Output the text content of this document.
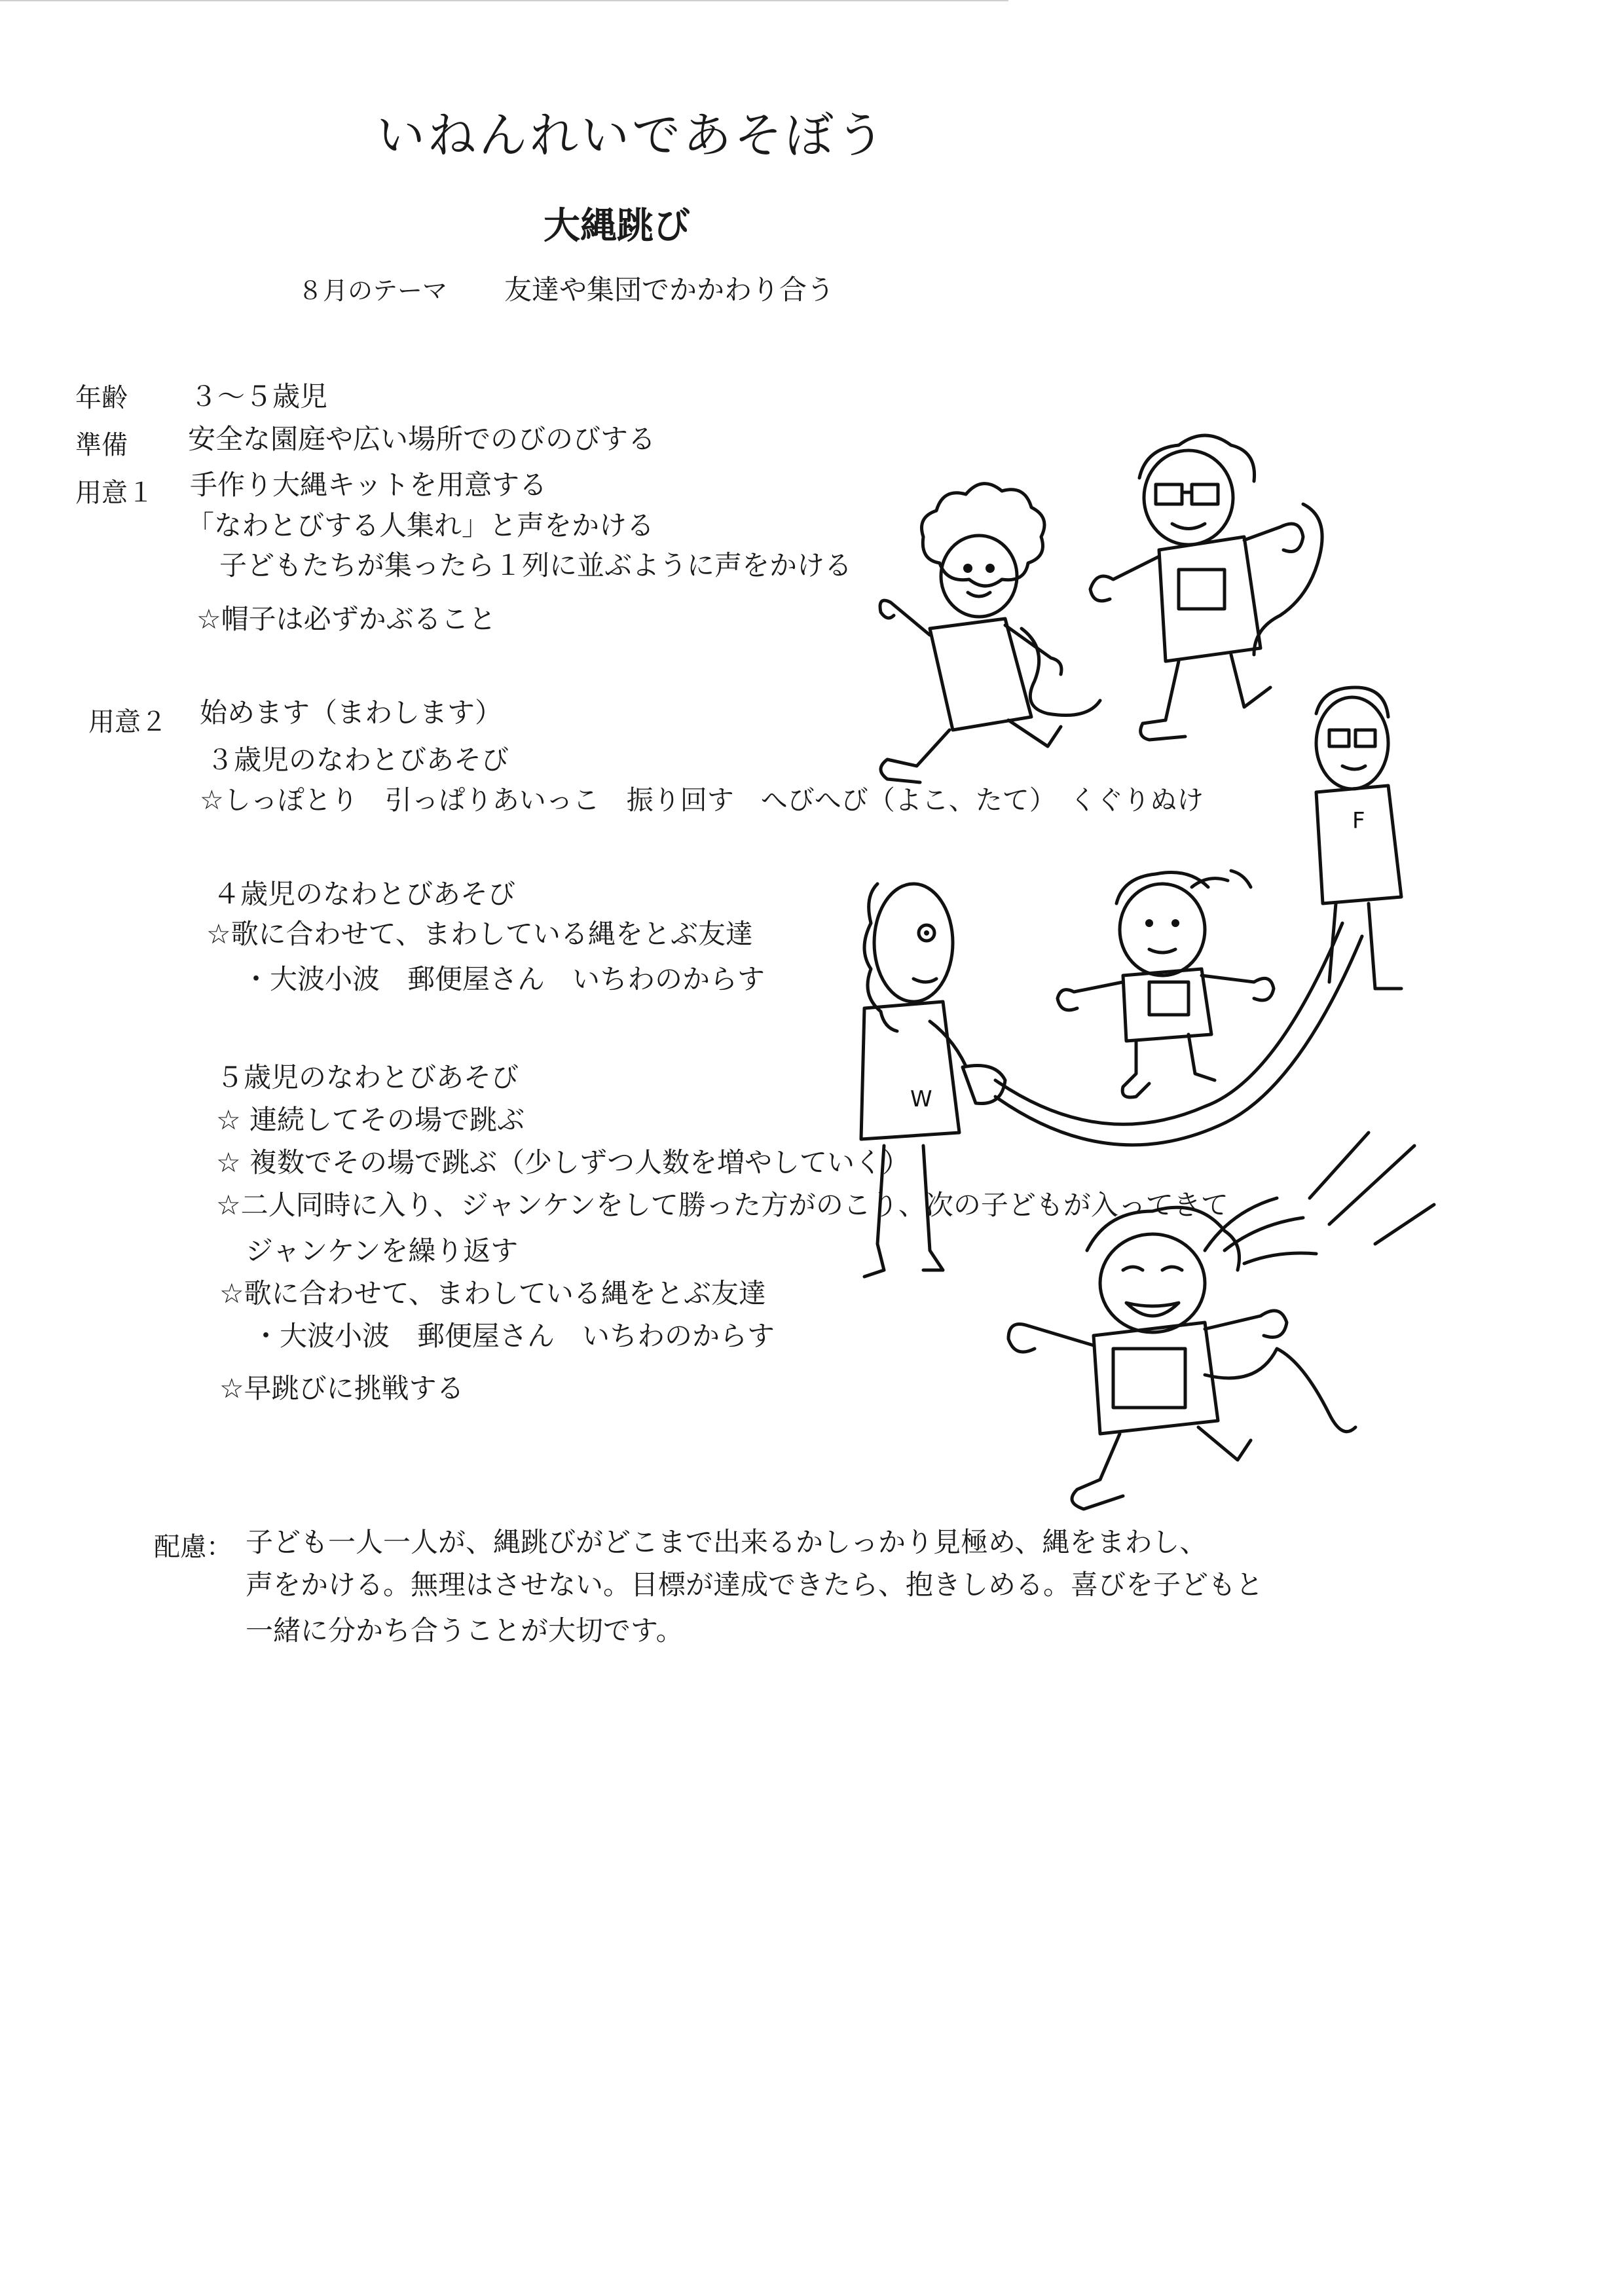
いねんれいであそぼう
大縄跳び
８月のテーマ 友達や集団でかかわり合う
年齢 ３～５歳児
準備 安全な園庭や広い場所でのびのびする
用意１ 手作り大縄キットを用意する
「なわとびする人集れ」と声をかける
子どもたちが集ったら１列に並ぶように声をかける
☆帽子は必ずかぶること
用意２ 始めます（まわします）
３歳児のなわとびあそび
☆しっぽとり　引っぱりあいっこ　振り回す　へびへび（よこ、たて）　くぐりぬけ
４歳児のなわとびあそび
☆歌に合わせて、まわしている縄をとぶ友達
・大波小波　郵便屋さん　いちわのからす
５歳児のなわとびあそび
☆ 連続してその場で跳ぶ
☆ 複数でその場で跳ぶ（少しずつ人数を増やしていく）
☆二人同時に入り、ジャンケンをして勝った方がのこり、次の子どもが入ってきて
ジャンケンを繰り返す
☆歌に合わせて、まわしている縄をとぶ友達
・大波小波　郵便屋さん　いちわのからす
☆早跳びに挑戦する
配慮： 子ども一人一人が、縄跳びがどこまで出来るかしっかり見極め、縄をまわし、
声をかける。無理はさせない。目標が達成できたら、抱きしめる。喜びを子どもと
一緒に分かち合うことが大切です。
W
F
